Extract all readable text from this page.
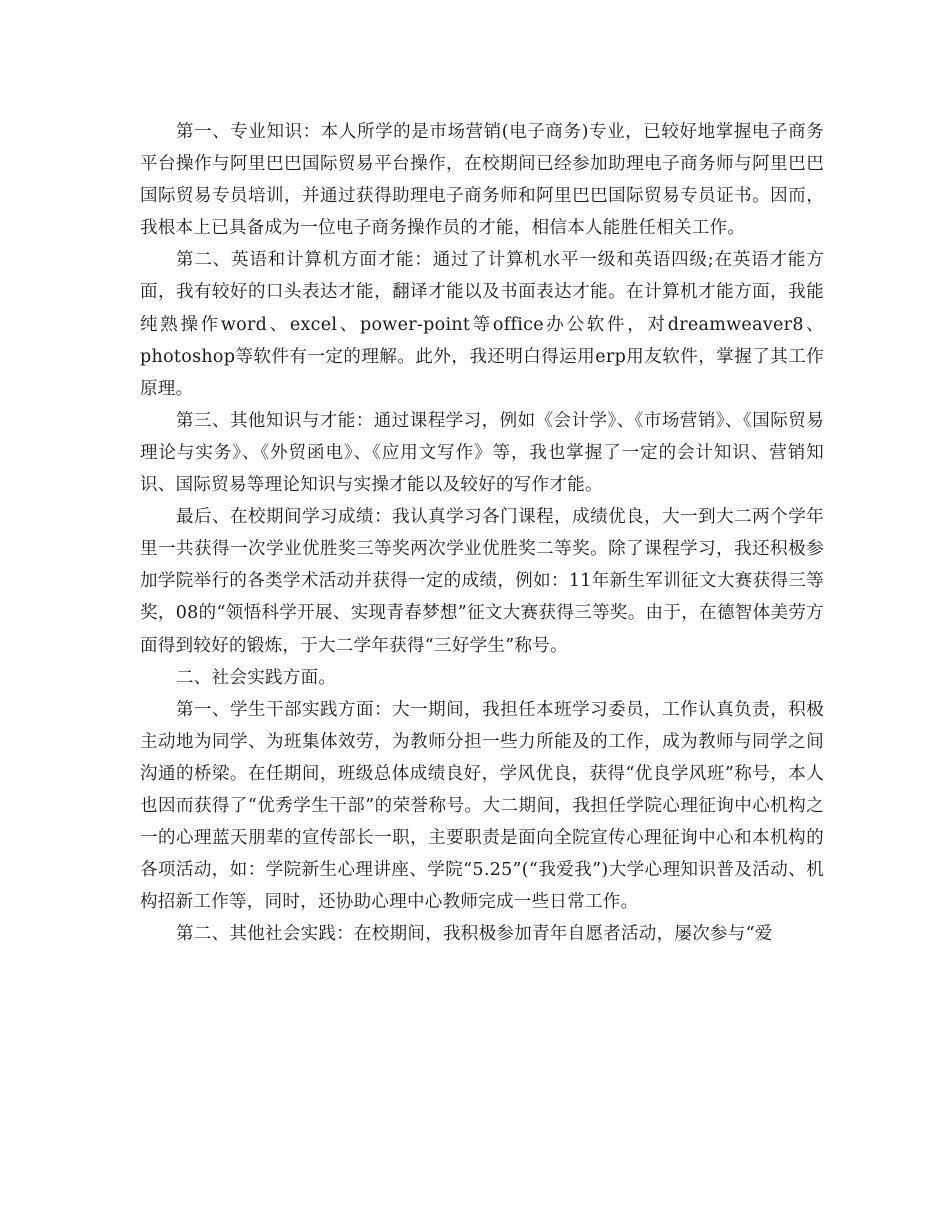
第一、专业知识：本人所学的是市场营销(电子商务)专业，已较好地掌握电子商务平台操作与阿里巴巴国际贸易平台操作，在校期间已经参加助理电子商务师与阿里巴巴国际贸易专员培训，并通过获得助理电子商务师和阿里巴巴国际贸易专员证书。因而，我根本上已具备成为一位电子商务操作员的才能，相信本人能胜任相关工作。

第二、英语和计算机方面才能：通过了计算机水平一级和英语四级;在英语才能方面，我有较好的口头表达才能，翻译才能以及书面表达才能。在计算机才能方面，我能纯熟操作word、excel、power-point等office办公软件，对dreamweaver8、photoshop等软件有一定的理解。此外，我还明白得运用erp用友软件，掌握了其工作原理。

第三、其他知识与才能：通过课程学习，例如《会计学》、《市场营销》、《国际贸易理论与实务》、《外贸函电》、《应用文写作》等，我也掌握了一定的会计知识、营销知识、国际贸易等理论知识与实操才能以及较好的写作才能。

最后、在校期间学习成绩：我认真学习各门课程，成绩优良，大一到大二两个学年里一共获得一次学业优胜奖三等奖两次学业优胜奖二等奖。除了课程学习，我还积极参加学院举行的各类学术活动并获得一定的成绩，例如：11年新生军训征文大赛获得三等奖，08的“领悟科学开展、实现青春梦想”征文大赛获得三等奖。由于，在德智体美劳方面得到较好的锻炼，于大二学年获得“三好学生”称号。

二、社会实践方面。

第一、学生干部实践方面：大一期间，我担任本班学习委员，工作认真负责，积极主动地为同学、为班集体效劳，为教师分担一些力所能及的工作，成为教师与同学之间沟通的桥梁。在任期间，班级总体成绩良好，学风优良，获得“优良学风班”称号，本人也因而获得了“优秀学生干部”的荣誉称号。大二期间，我担任学院心理征询中心机构之一的心理蓝天朋辈的宣传部长一职，主要职责是面向全院宣传心理征询中心和本机构的各项活动，如：学院新生心理讲座、学院“5.25”(“我爱我”)大学心理知识普及活动、机构招新工作等，同时，还协助心理中心教师完成一些日常工作。

第二、其他社会实践：在校期间，我积极参加青年自愿者活动，屡次参与“爱
